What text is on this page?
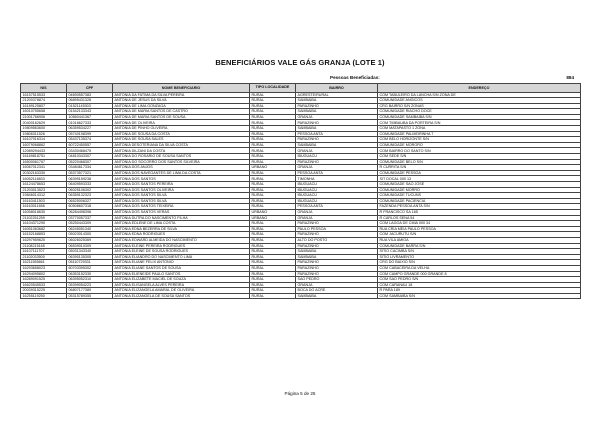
BENEFICIÁRIOS VALE GÁS GRANJA (LOTE 1)
Pessoas Beneficiadas:	884
NIS	CPF	NOME BENEFICIARIO	TIPO LOCALIDADE	BAIRRO	ENDEREÇO
16157515533	04690557383	ANTONIA DA FATIMA DA SILVA PEREIRA	RURAL	AGRESTE/RURAL	COM TABULEIRO DA LANCHA S/N ZONA DE
21200378874	06895431328	ANTONIA DE JESUS DA SILVA	RURAL	SAMBAIBA	COMUNIDADE ANGICOS
16189125807	01521145303	ANTONIA DE LIMA GONZAGA	RURAL	PARAZINHO	CRG BAIRRO S/N ZONAS
16010755658	01542133343	ANTONIA DE MARIA SANTOS DE CASTRO	RURAL	SAMBAIBA	COMUNIDADE RIACHO DOCE
21001766906	10560441367	ANTONIA DE MARIA SANTOS DE SOUSA	RURAL	GRANJA	COMUNIDADE SAMBAIBA S/N
20400162629	01016627333	ANTONIA DE OLIVEIRA	RURAL	PARAZINHO	COM TIMBAUBA DA PORTEIRA S/N
19809563600	06359534227	ANTONIA DE PINHO OLIVEIRA	RURAL	SAMBAIBA	COM MATAPASTO 1 ZONA
19806311526	05740198399	ANTONIA DE SOUSA DA COSTA	RURAL	PESSOA ANTA	COMUNIDADE PALMEIRINHA 7
16107016314	05437135374	ANTONIA DE SOUSA SALES	RURAL	PARAZINHO	COM BELO HORIZONTE S/N
16079068862	60722450557	ANTONIA DESOTERIANA DA SILVA COSTA	RURAL	SAMBAIBA	COMUNIDADE MORORO
12089294433	03430468475	ANTONIA DILZANI DA COSTA	RURAL	GRANJA	COM BAIRRO DO SANTO S/N
16169818751	04810343307	ANTONIA DO ROSARIO DE SOUSA SANTOS	RURAL	IBUGUACU	COM SEDE S/N
16500061767	05220468307	ANTONIA DO SOCORRO DOS SANTOS SILVEIRA	RURAL	PARAZINHO	COMUNIDADE BELO S/N
16067012341	03484617334	ANTONIA DOS ANJOS	URBANO	GRANJA	R CURRITA S/N
20302163330	05373577321	ANTONIA DOS NAVEGANTES DE LIMA DA COSTA	RURAL	PESSOA ANTA	COMUNIDADE PESSOA
16052116833	06399159238	ANTONIA DOS SANTOS	RURAL	TIMONHA	SIT DOCAL 000 13
16124478653	06409593333	ANTONIA DOS SANTOS PEREIRA	RURAL	IBUGUACU	COMUNIDADE SAO JOSE
21203013523	06025106302	ANTONIA DOS SANTOS OLIVEIRA	RURAL	IBUGUACU	COMUNIDADE MORRO
19846014312	06359132323	ANTONIA DOS SANTOS SILVA	RURAL	IBUGUACU	COMUNIDADE TUCUNS
16163411503	06525006327	ANTONIA DOS SANTOS SILVA	RURAL	IBUGUACU	COMUNIDADE PACIENCIA
16163011656	60508607318	ANTONIA DOS SANTOS TEIXEIRA	RURAL	PESSOA ANTA	FAZENDA PESSOA ANTA S/N
16058018630	06284498398	ANTONIA DOS SANTOS VERAS	URBANO	GRANJA	R FRANCISCO SA 165
21102251259	03770057337	ANTONIA DUTRA DO NASCIMENTO FILHA	URBANO	GRANJA	R CARLOS SENA 54
16104371290	05250443309	ANTONIA EDLENE DE LIMA COSTA	RURAL	PARAZINHO	COM LAGOA DE CIMA 000 34
16051063682	06245051340	ANTONIA EDNA BEZERRA DE SILVA	RURAL	PAULO PESSOA	RUA CRIA MEIA PAULO PESSOA
16152168853	05023014300	ANTONIA EDNA RODRIGUES	RURAL	PARAZINHO	COM JACURUTU S/N
16297959620	06026025369	ANTONIA EDWARD ALMEIDA DO NASCIMENTO	RURAL	ALTO DO POSTO	RUA VILA AMIGA
21108215165	06539010309	ANTONIA ELEINE PEREIRA RODRIGUES	RURAL	PARAZINHO	COMUNIDADE BARRA S/N
16107111707	05031343340	ANTONIA ELEINE DE SOUSA RODRIGUES	RURAL	SAMBAIBA	SÍTIO CACIMBA S/N
21102033500	06390135305	ANTONIA ELIANDRO DO NASCIMENTO LIMA	RURAL	SAMBAIBA	SITIO LIVRAMENTO
16211555661	05110729331	ANTONIA ELIANE FELIX ANTONIO	RURAL	PARAZINHO	CRG DO BAIXIO S/N
16293658023	60703395302	ANTONIA ELIANE SANTOS DE SOUSA	RURAL	PARAZINHO	COM CABACEIRA DA VELHA
16294095802	06353152330	ANTONIA ELIENEIDE PAULO SANTOS	RURAL	PARAZINHO	COM CAMPO GRANDE 000 GRANDE 8
16289091525	06395052310	ANTONIA ELIZABETE MACIEL DE SOUZA	RURAL	SAO PEDRO	COM SAO PEDRO S/N
16620545533	05399054223	ANTONIA ELISANGELA ALVES PEREIRA	RURAL	GRANJA	COM CARANAU 18
20039315225	06807177389	ANTONIA ELIZANGELA AMARAL DE OLIVEIRA	RURAL	BOCA DO ACRE	R PARA 189
16255119250	05315789355	ANTONIA ELIZANGELA DE SOUSA SANTOS	RURAL	SAMBAIBA	COM SAMBAIBA S/N
Página 5 de 25
